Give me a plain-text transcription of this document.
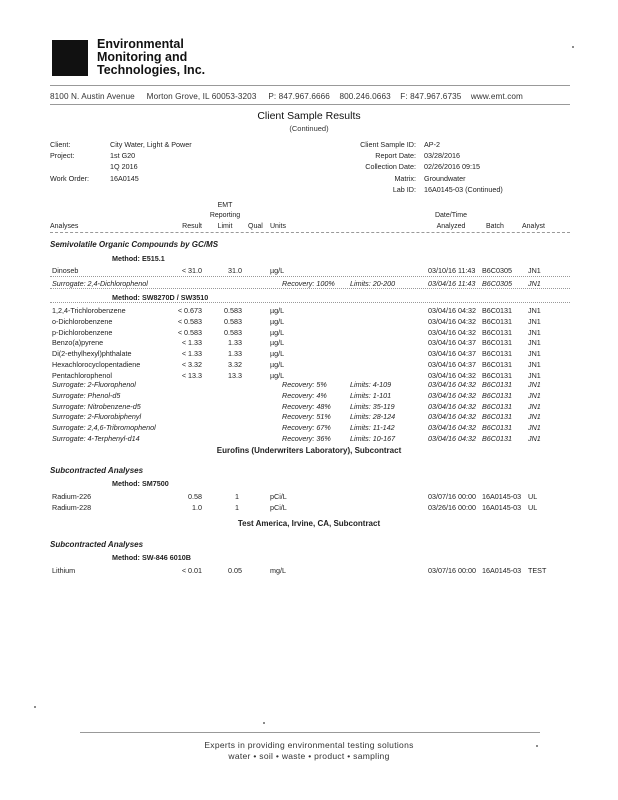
Environmental
Monitoring and
Technologies, Inc.
8100 N. Austin Avenue Morton Grove, IL 60053-3203 P: 847.967.6666 800.246.0663 F: 847.967.6735 www.emt.com
Client Sample Results
(Continued)
Client:	City Water, Light & Power
Project:	1st G20
1Q 2016
Work Order:	16A0145
Client Sample ID: AP-2
Report Date: 03/28/2016
Collection Date: 02/26/2016 09:15
Matrix: Groundwater
Lab ID: 16A0145-03 (Continued)
EMT
Reporting
Analyses	Result	Limit	Qual Units
Date/Time
Analyzed	Batch	Analyst
Semivolatile Organic Compounds by GC/MS
Method: E515.1
Dinoseb	< 31.0	31.0	µg/L	03/10/16 11:43 B6C0305 JN1
Surrogate: 2,4-Dichlorophenol	Recovery: 100% Limits: 20-200	03/04/16 11:43 B6C0305 JN1
Method: SW8270D / SW3510
1,2,4-Trichlorobenzene	< 0.673	0.583	µg/L	03/04/16 04:32 B6C0131 JN1
o-Dichlorobenzene	< 0.583	0.583	µg/L	03/04/16 04:32 B6C0131 JN1
p-Dichlorobenzene	< 0.583	0.583	µg/L	03/04/16 04:32 B6C0131 JN1
Benzo(a)pyrene	< 1.33	1.33	µg/L	03/04/16 04:37 B6C0131 JN1
Di(2-ethylhexyl)phthalate	< 1.33	1.33	µg/L	03/04/16 04:37 B6C0131 JN1
Hexachlorocyclopentadiene	< 3.32	3.32	µg/L	03/04/16 04:37 B6C0131 JN1
Pentachlorophenol	< 13.3	13.3	µg/L	03/04/16 04:32 B6C0131 JN1
Surrogate: 2-Fluorophenol	Recovery: 5%	Limits: 4-109	03/04/16 04:32 B6C0131 JN1
Surrogate: Phenol-d5	Recovery: 4%	Limits: 1-101	03/04/16 04:32 B6C0131 JN1
Surrogate: Nitrobenzene-d5	Recovery: 48%	Limits: 35-119	03/04/16 04:32 B6C0131 JN1
Surrogate: 2-Fluorobiphenyl	Recovery: 51%	Limits: 28-124	03/04/16 04:32 B6C0131 JN1
Surrogate: 2,4,6-Tribromophenol	Recovery: 67%	Limits: 11-142	03/04/16 04:32 B6C0131 JN1
Surrogate: 4-Terphenyl-d14	Recovery: 36%	Limits: 10-167	03/04/16 04:32 B6C0131 JN1
Eurofins (Underwriters Laboratory), Subcontract
Subcontracted Analyses
Method: SM7500
Radium-226	0.58	1	pCi/L	03/07/16 00:00 16A0145-03 UL
Radium-228	1.0	1	pCi/L	03/26/16 00:00 16A0145-03 UL
Test America, Irvine, CA, Subcontract
Subcontracted Analyses
Method: SW-846 6010B
Lithium	< 0.01	0.05	mg/L	03/07/16 00:00 16A0145-03 TEST
Experts in providing environmental testing solutions
water • soil • waste • product • sampling
